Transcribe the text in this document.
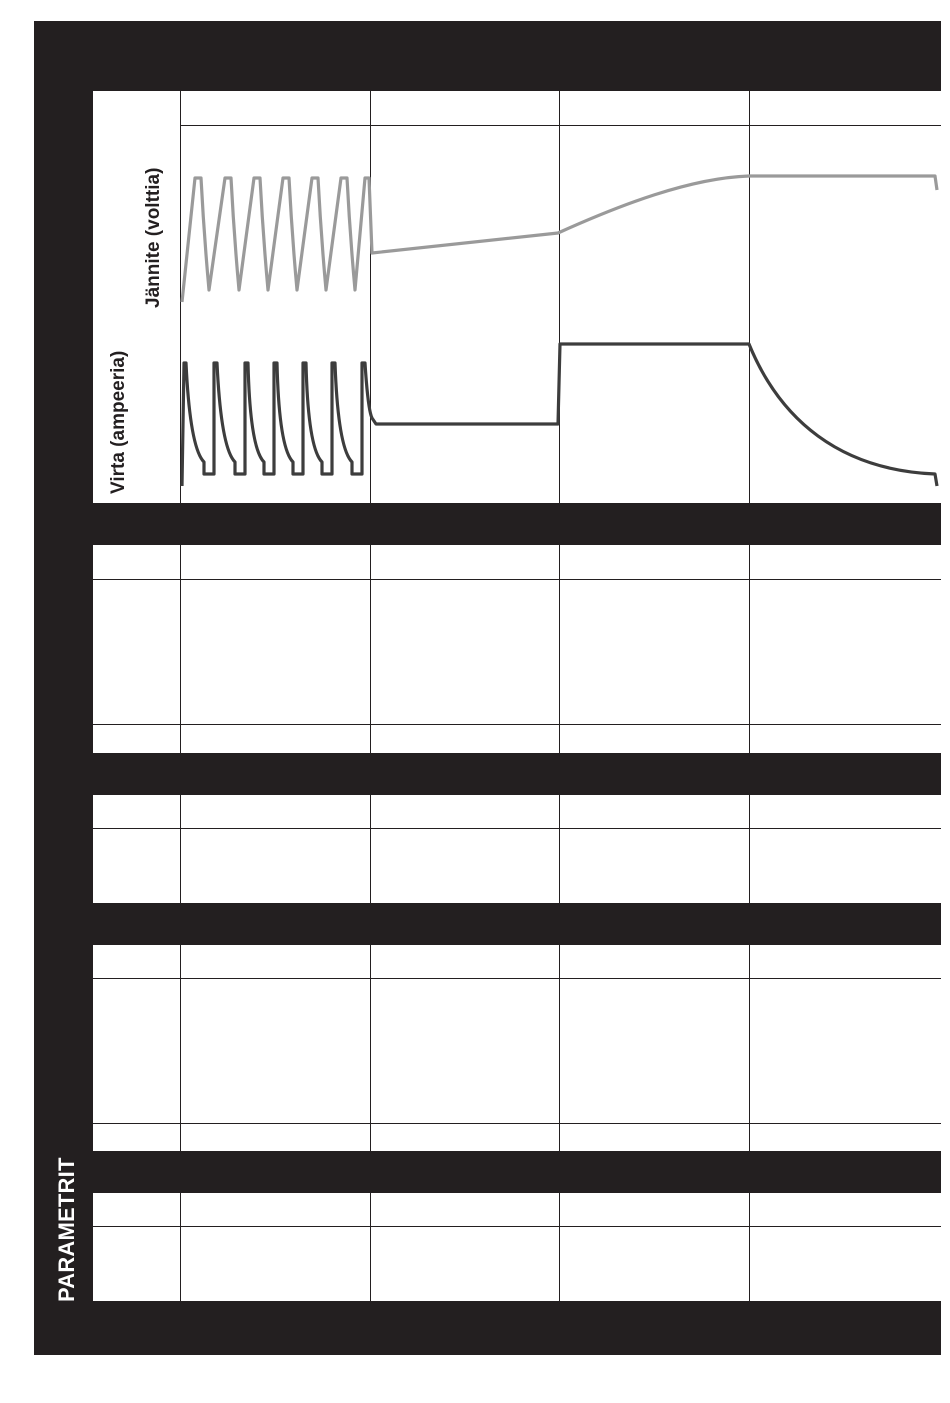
Virta (ampeeria)
Jännite (volttia)
PARAMETRIT
